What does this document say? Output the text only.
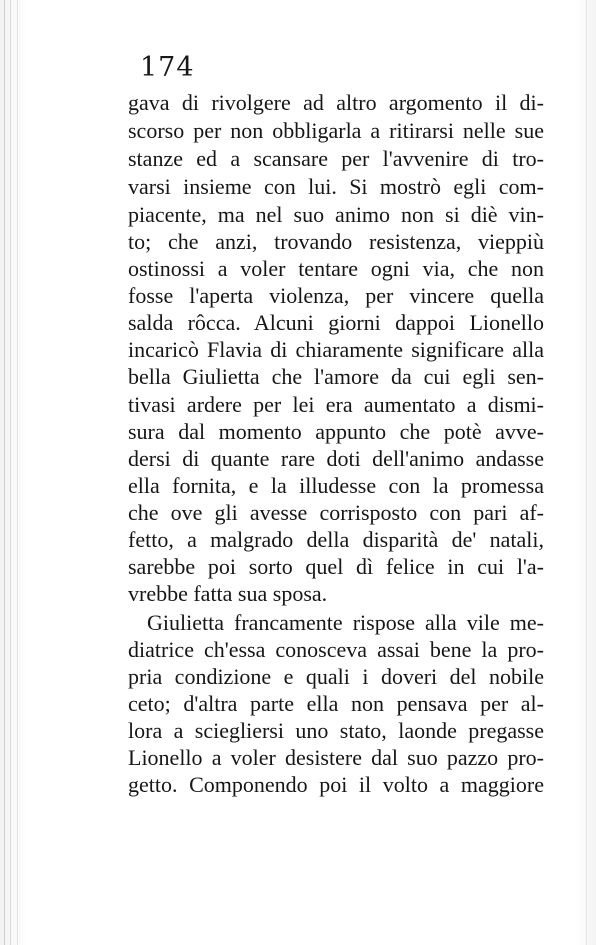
174
gava di rivolgere ad altro argomento il di-
scorso per non obbligarla a ritirarsi nelle sue
stanze ed a scansare per l'avvenire di tro-
varsi insieme con lui. Si mostrò egli com-
piacente, ma nel suo animo non si diè vin-
to; che anzi, trovando resistenza, vieppiù
ostinossi a voler tentare ogni via, che non
fosse l'aperta violenza, per vincere quella
salda rôcca. Alcuni giorni dappoi Lionello
incaricò Flavia di chiaramente significare alla
bella Giulietta che l'amore da cui egli sen-
tivasi ardere per lei era aumentato a dismi-
sura dal momento appunto che potè avve-
dersi di quante rare doti dell'animo andasse
ella fornita, e la illudesse con la promessa
che ove gli avesse corrisposto con pari af-
fetto, a malgrado della disparità de' natali,
sarebbe poi sorto quel dì felice in cui l'a-
vrebbe fatta sua sposa.
Giulietta francamente rispose alla vile me-
diatrice ch'essa conosceva assai bene la pro-
pria condizione e quali i doveri del nobile
ceto; d'altra parte ella non pensava per al-
lora a sciegliersi uno stato, laonde pregasse
Lionello a voler desistere dal suo pazzo pro-
getto. Componendo poi il volto a maggiore
